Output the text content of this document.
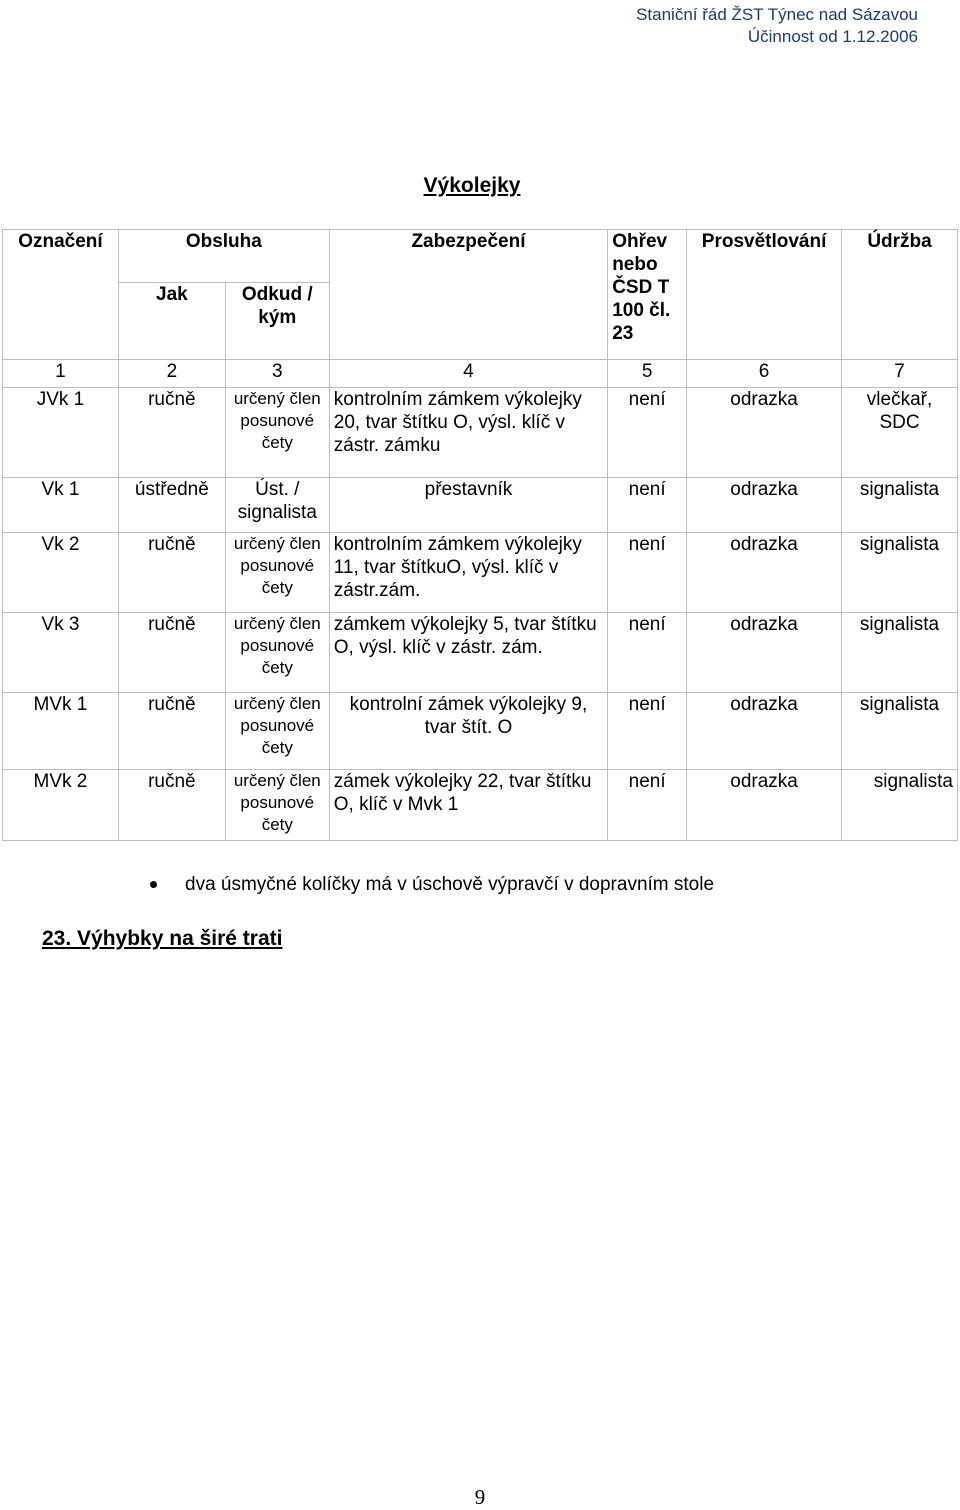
Staniční řád ŽST Týnec nad Sázavou
Účinnost od 1.12.2006
Výkolejky
Označení	Obsluha		Zabezpečení	Ohřev nebo ČSD T 100 čl. 23	Prosvětlování	Údržba
	Jak	Odkud / kým				
1	2	3	4	5	6	7
JVk 1	ručně	určený člen posunové čety	kontrolním zámkem výkolejky 20, tvar štítku O, výsl. klíč v zástr. zámku	není	odrazka	vlečkař, SDC
Vk 1	ústředně	Úst. / signalista	přestavník	není	odrazka	signalista
Vk 2	ručně	určený člen posunové čety	kontrolním zámkem výkolejky 11, tvar štítkuO, výsl. klíč v zástr.zám.	není	odrazka	signalista
Vk 3	ručně	určený člen posunové čety	zámkem výkolejky 5, tvar štítku O, výsl. klíč v zástr. zám.	není	odrazka	signalista
MVk 1	ručně	určený člen posunové čety	kontrolní zámek výkolejky 9, tvar štít. O	není	odrazka	signalista
MVk 2	ručně	určený člen posunové čety	zámek výkolejky 22, tvar štítku O, klíč v Mvk 1	není	odrazka	signalista
dva úsmyčné kolíčky má v úschově výpravčí v dopravním stole
23. Výhybky na širé trati
9
